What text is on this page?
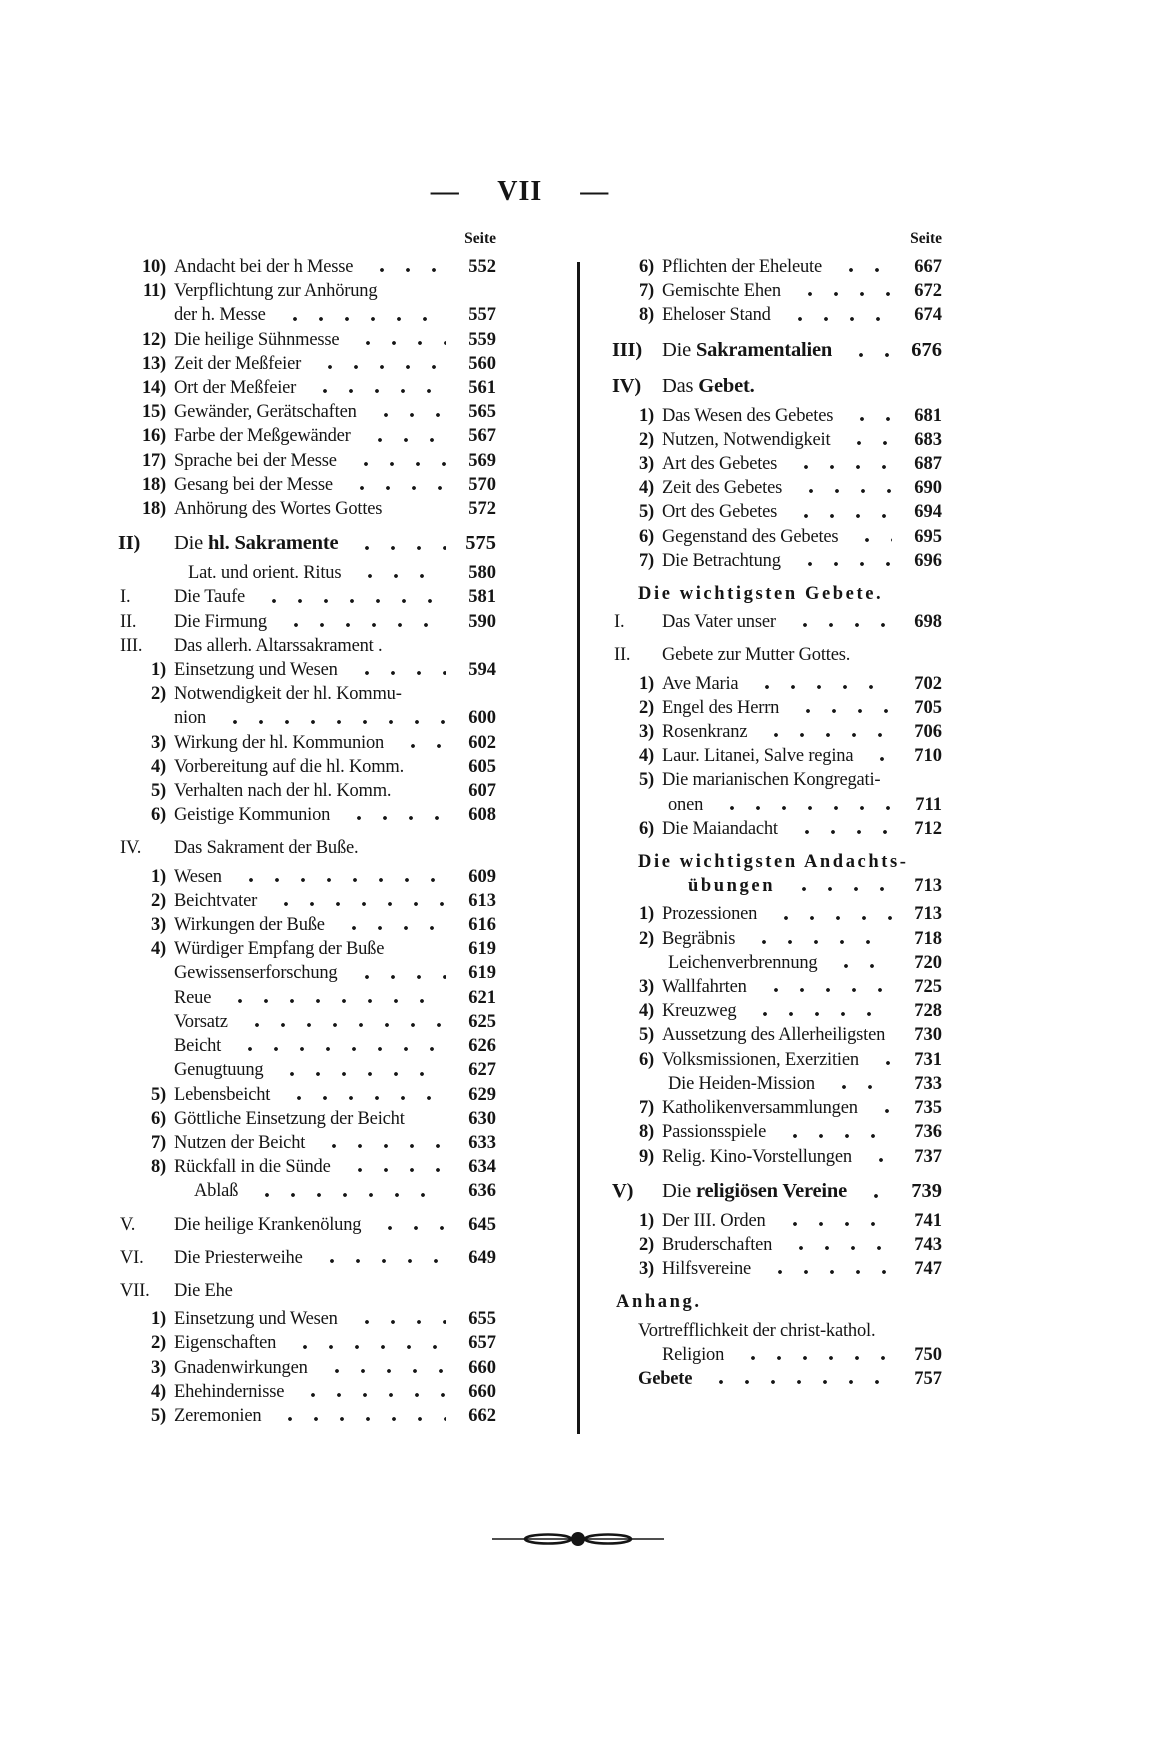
— VII —
Seite
10) Andacht bei der h Messe	552
11) Verpflichtung zur Anhörung
der h. Messe	557
12) Die heilige Sühnmesse	559
13) Zeit der Meßfeier	560
14) Ort der Meßfeier	561
15) Gewänder, Gerätschaften	565
16) Farbe der Meßgewänder	567
17) Sprache bei der Messe	569
18) Gesang bei der Messe	570
18) Anhörung des Wortes Gottes	572
II)	Die hl. Sakramente	575
Lat. und orient. Ritus	580
I.	Die Taufe	581
II.	Die Firmung	590
III.	Das allerh. Altarssakrament .
1) Einsetzung und Wesen	594
2) Notwendigkeit der hl. Kommu-
nion	600
3) Wirkung der hl. Kommunion	602
4) Vorbereitung auf die hl. Komm.	605
5) Verhalten nach der hl. Komm.	607
6) Geistige Kommunion	608
IV.	Das Sakrament der Buße.
1) Wesen	609
2) Beichtvater	613
3) Wirkungen der Buße	616
4) Würdiger Empfang der Buße	619
Gewissenserforschung	619
Reue	621
Vorsatz	625
Beicht	626
Genugtuung	627
5) Lebensbeicht	629
6) Göttliche Einsetzung der Beicht	630
7) Nutzen der Beicht	633
8) Rückfall in die Sünde	634
Ablaß	636
V.	Die heilige Krankenölung	645
VI.	Die Priesterweihe	649
VII.	Die Ehe
1) Einsetzung und Wesen	655
2) Eigenschaften	657
3) Gnadenwirkungen	660
4) Ehehindernisse	660
5) Zeremonien	662
Seite
6) Pflichten der Eheleute	667
7) Gemischte Ehen	672
8) Eheloser Stand	674
III) Die Sakramentalien	676
IV)	Das Gebet.
1) Das Wesen des Gebetes	681
2) Nutzen, Notwendigkeit	683
3) Art des Gebetes	687
4) Zeit des Gebetes	690
5) Ort des Gebetes	694
6) Gegenstand des Gebetes	695
7) Die Betrachtung	696
Die wichtigsten Gebete.
I.	Das Vater unser	698
II.	Gebete zur Mutter Gottes.
1) Ave Maria	702
2) Engel des Herrn	705
3) Rosenkranz	706
4) Laur. Litanei, Salve regina	710
5) Die marianischen Kongregati-
onen	711
6) Die Maiandacht	712
Die wichtigsten Andachts-
übungen	713
1) Prozessionen	713
2) Begräbnis	718
Leichenverbrennung	720
3) Wallfahrten	725
4) Kreuzweg	728
5) Aussetzung des Allerheiligsten	730
6) Volksmissionen, Exerzitien	731
Die Heiden-Mission	733
7) Katholikenversammlungen	735
8) Passionsspiele	736
9) Relig. Kino-Vorstellungen	737
V)	Die religiösen Vereine	739
1) Der III. Orden	741
2) Bruderschaften	743
3) Hilfsvereine	747
Anhang.
Vortrefflichkeit der christ-kathol.
Religion	750
Gebete	757
